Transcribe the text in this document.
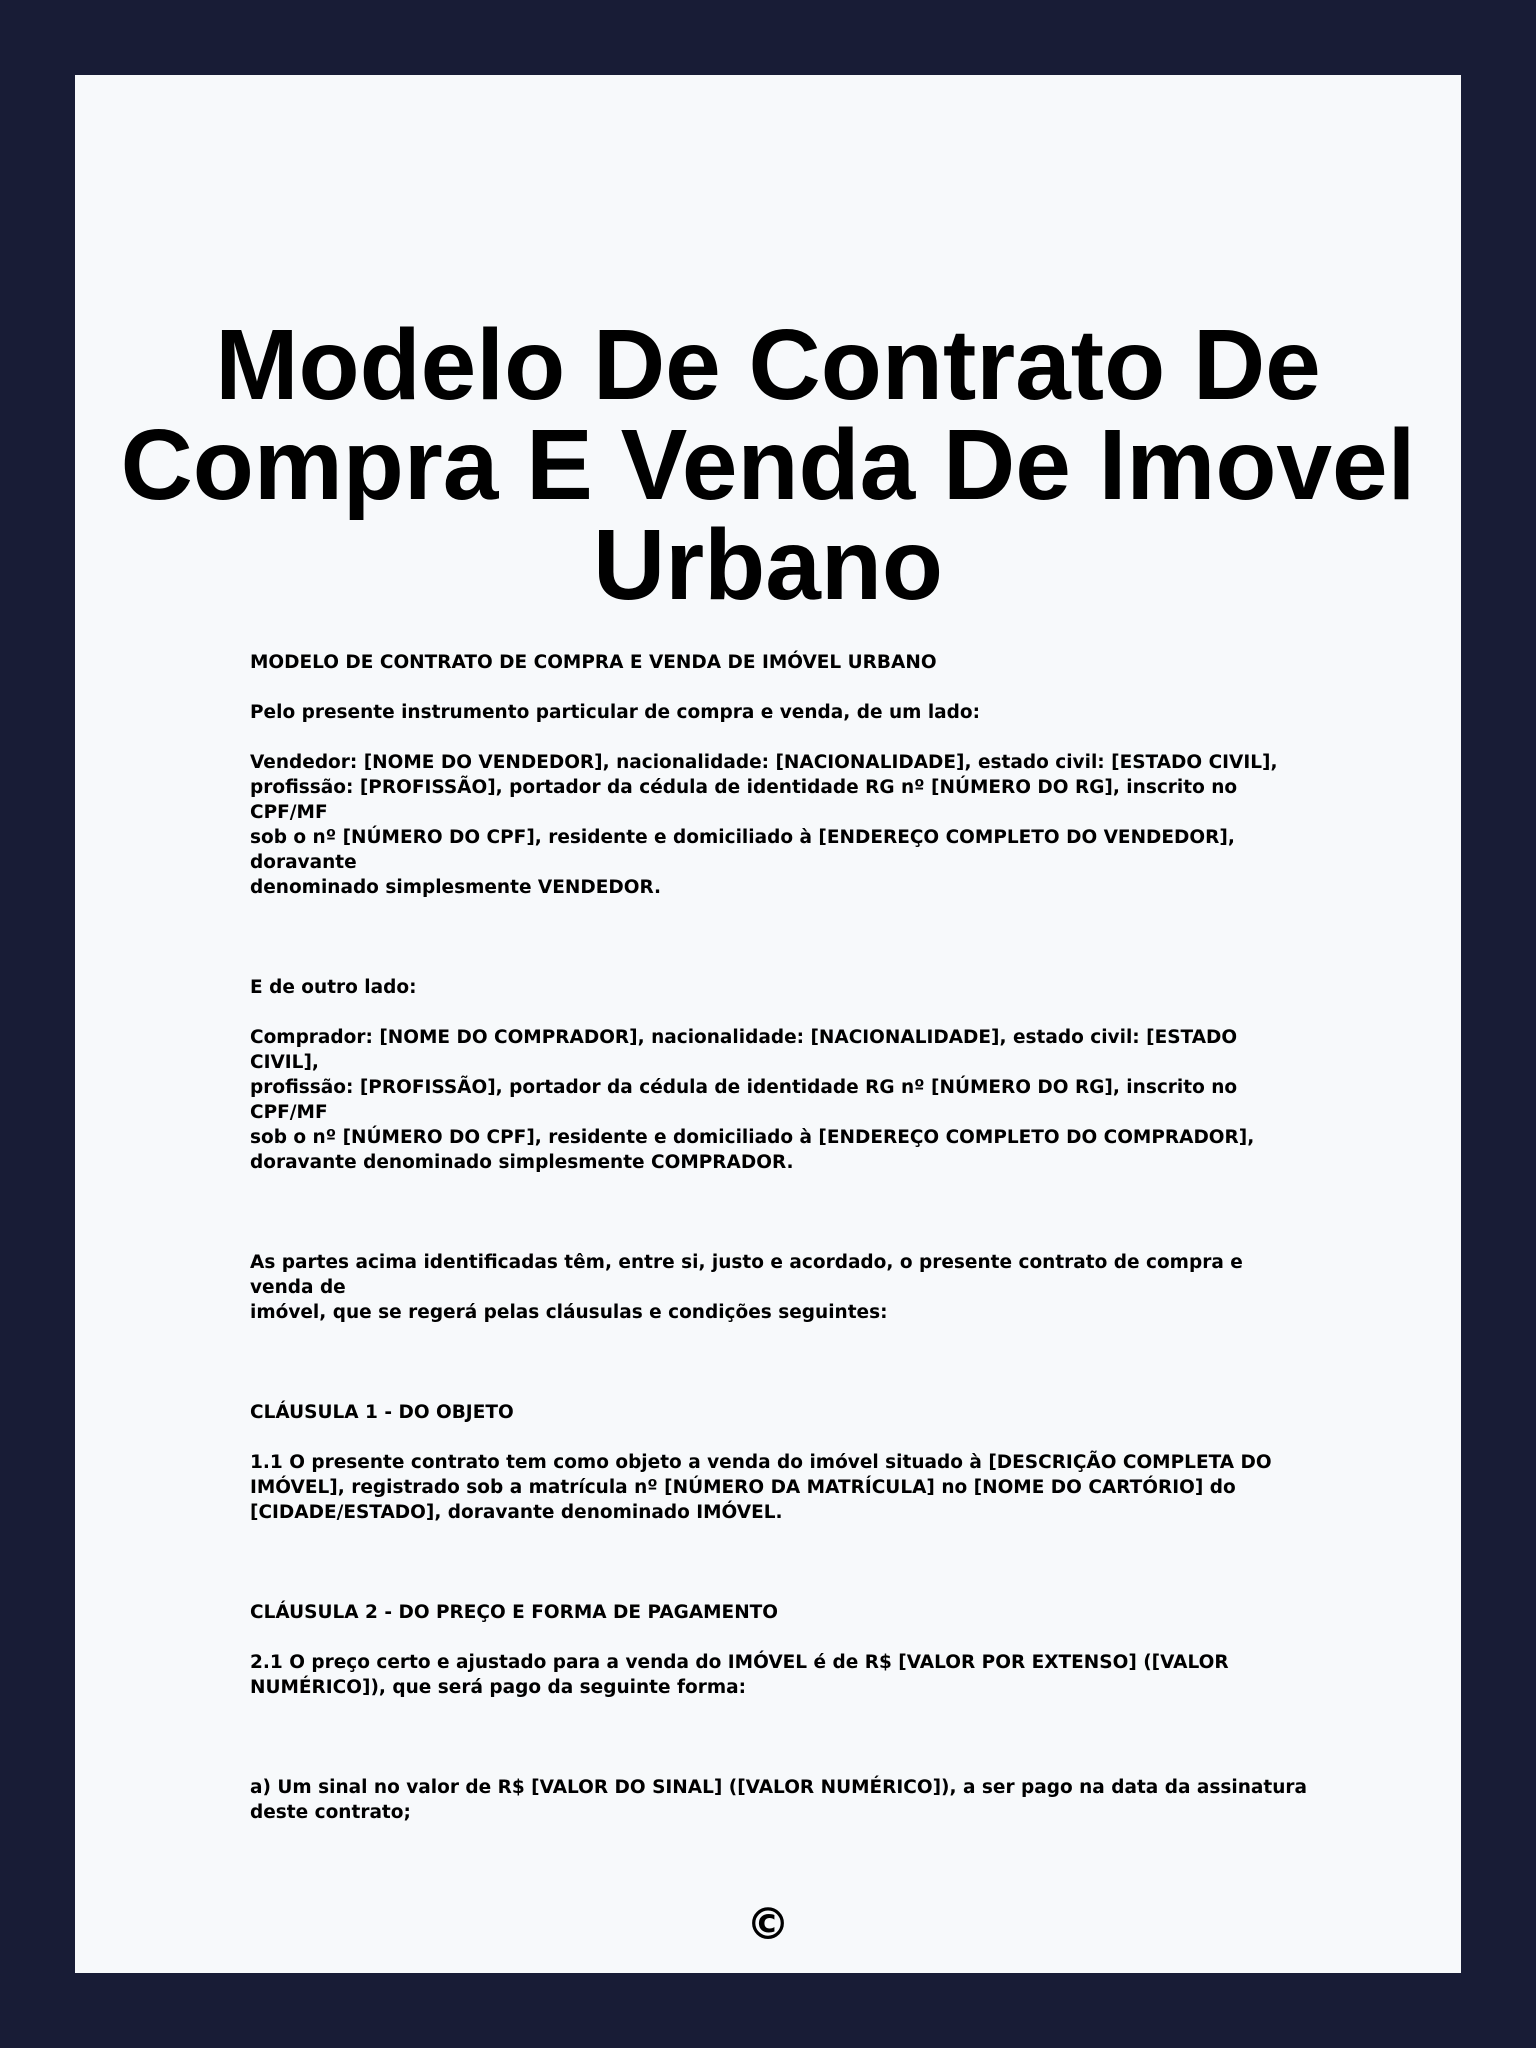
Modelo De Contrato De Compra E Venda De Imovel Urbano

MODELO DE CONTRATO DE COMPRA E VENDA DE IMÓVEL URBANO

Pelo presente instrumento particular de compra e venda, de um lado:

Vendedor: [NOME DO VENDEDOR], nacionalidade: [NACIONALIDADE], estado civil: [ESTADO CIVIL],
profissão: [PROFISSÃO], portador da cédula de identidade RG nº [NÚMERO DO RG], inscrito no CPF/MF
sob o nº [NÚMERO DO CPF], residente e domiciliado à [ENDEREÇO COMPLETO DO VENDEDOR], doravante
denominado simplesmente VENDEDOR.

E de outro lado:

Comprador: [NOME DO COMPRADOR], nacionalidade: [NACIONALIDADE], estado civil: [ESTADO CIVIL],
profissão: [PROFISSÃO], portador da cédula de identidade RG nº [NÚMERO DO RG], inscrito no CPF/MF
sob o nº [NÚMERO DO CPF], residente e domiciliado à [ENDEREÇO COMPLETO DO COMPRADOR],
doravante denominado simplesmente COMPRADOR.

As partes acima identificadas têm, entre si, justo e acordado, o presente contrato de compra e venda de
imóvel, que se regerá pelas cláusulas e condições seguintes:

CLÁUSULA 1 - DO OBJETO

1.1 O presente contrato tem como objeto a venda do imóvel situado à [DESCRIÇÃO COMPLETA DO
IMÓVEL], registrado sob a matrícula nº [NÚMERO DA MATRÍCULA] no [NOME DO CARTÓRIO] do
[CIDADE/ESTADO], doravante denominado IMÓVEL.

CLÁUSULA 2 - DO PREÇO E FORMA DE PAGAMENTO

2.1 O preço certo e ajustado para a venda do IMÓVEL é de R$ [VALOR POR EXTENSO] ([VALOR
NUMÉRICO]), que será pago da seguinte forma:

a) Um sinal no valor de R$ [VALOR DO SINAL] ([VALOR NUMÉRICO]), a ser pago na data da assinatura
deste contrato;

©
